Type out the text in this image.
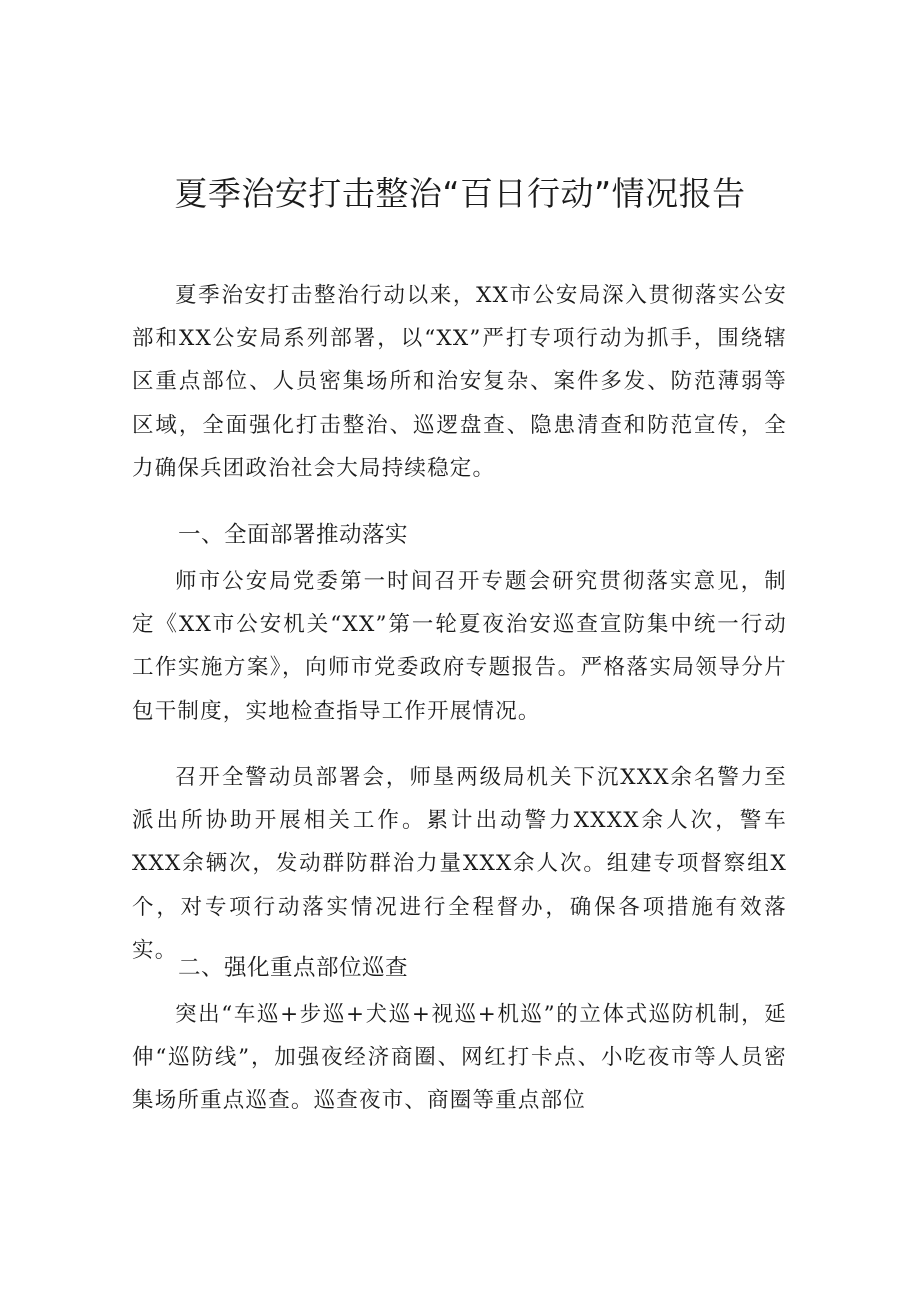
夏季治安打击整治“百日行动”情况报告

夏季治安打击整治行动以来，XX市公安局深入贯彻落实公安部和XX公安局系列部署，以“XX”严打专项行动为抓手，围绕辖区重点部位、人员密集场所和治安复杂、案件多发、防范薄弱等区域，全面强化打击整治、巡逻盘查、隐患清查和防范宣传，全力确保兵团政治社会大局持续稳定。

一、全面部署推动落实

师市公安局党委第一时间召开专题会研究贯彻落实意见，制定《XX市公安机关“XX”第一轮夏夜治安巡查宣防集中统一行动工作实施方案》，向师市党委政府专题报告。严格落实局领导分片包干制度，实地检查指导工作开展情况。

召开全警动员部署会，师垦两级局机关下沉XXX余名警力至派出所协助开展相关工作。累计出动警力XXXX余人次，警车XXX余辆次，发动群防群治力量XXX余人次。组建专项督察组X个，对专项行动落实情况进行全程督办，确保各项措施有效落实。

二、强化重点部位巡查

突出“车巡+步巡+犬巡+视巡+机巡”的立体式巡防机制，延伸“巡防线”，加强夜经济商圈、网红打卡点、小吃夜市等人员密集场所重点巡查。巡查夜市、商圈等重点部位
